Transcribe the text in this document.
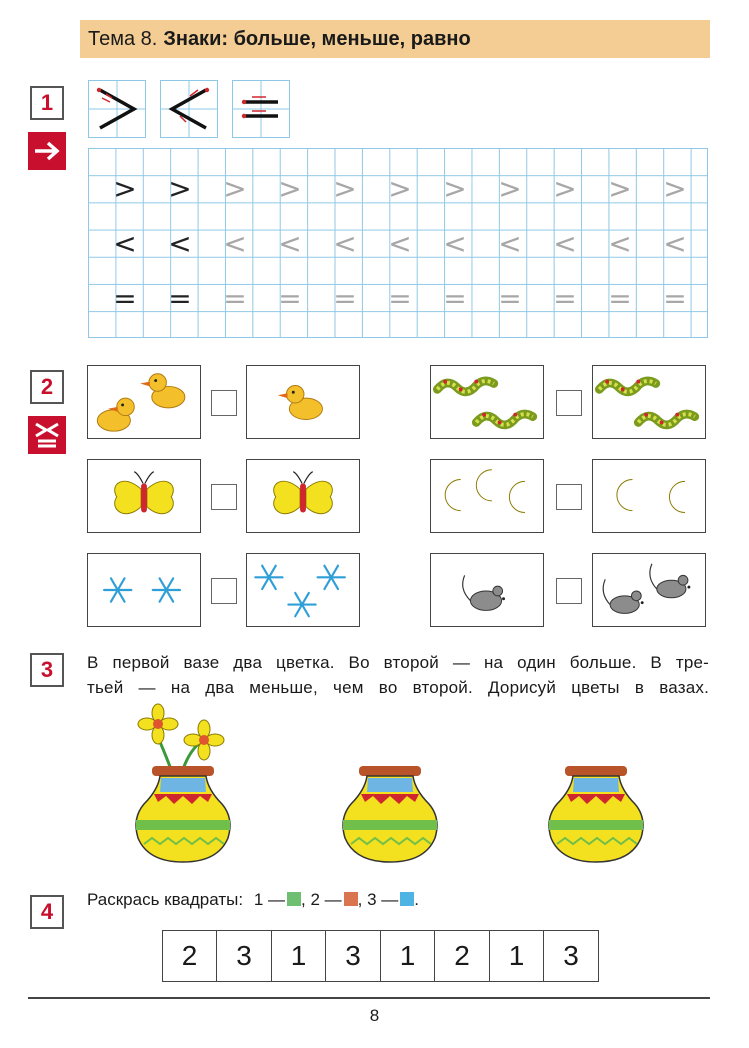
Тема 8. Знаки: больше, меньше, равно
1
>	>	>	>	>	>	>	>	>	>	>
<	<	<	<	<	<	<	<	<	<	<
=	=	=	=	=	=	=	=	=	=	=
2
3	В первой вазе два цветка. Во второй — на один больше. В тре-
тьей — на два меньше, чем во второй. Дорисуй цветы в вазах.
4	Раскрась квадраты: 1 — , 2 — , 3 — .
2	3	1	3	1	2	1	3
8
